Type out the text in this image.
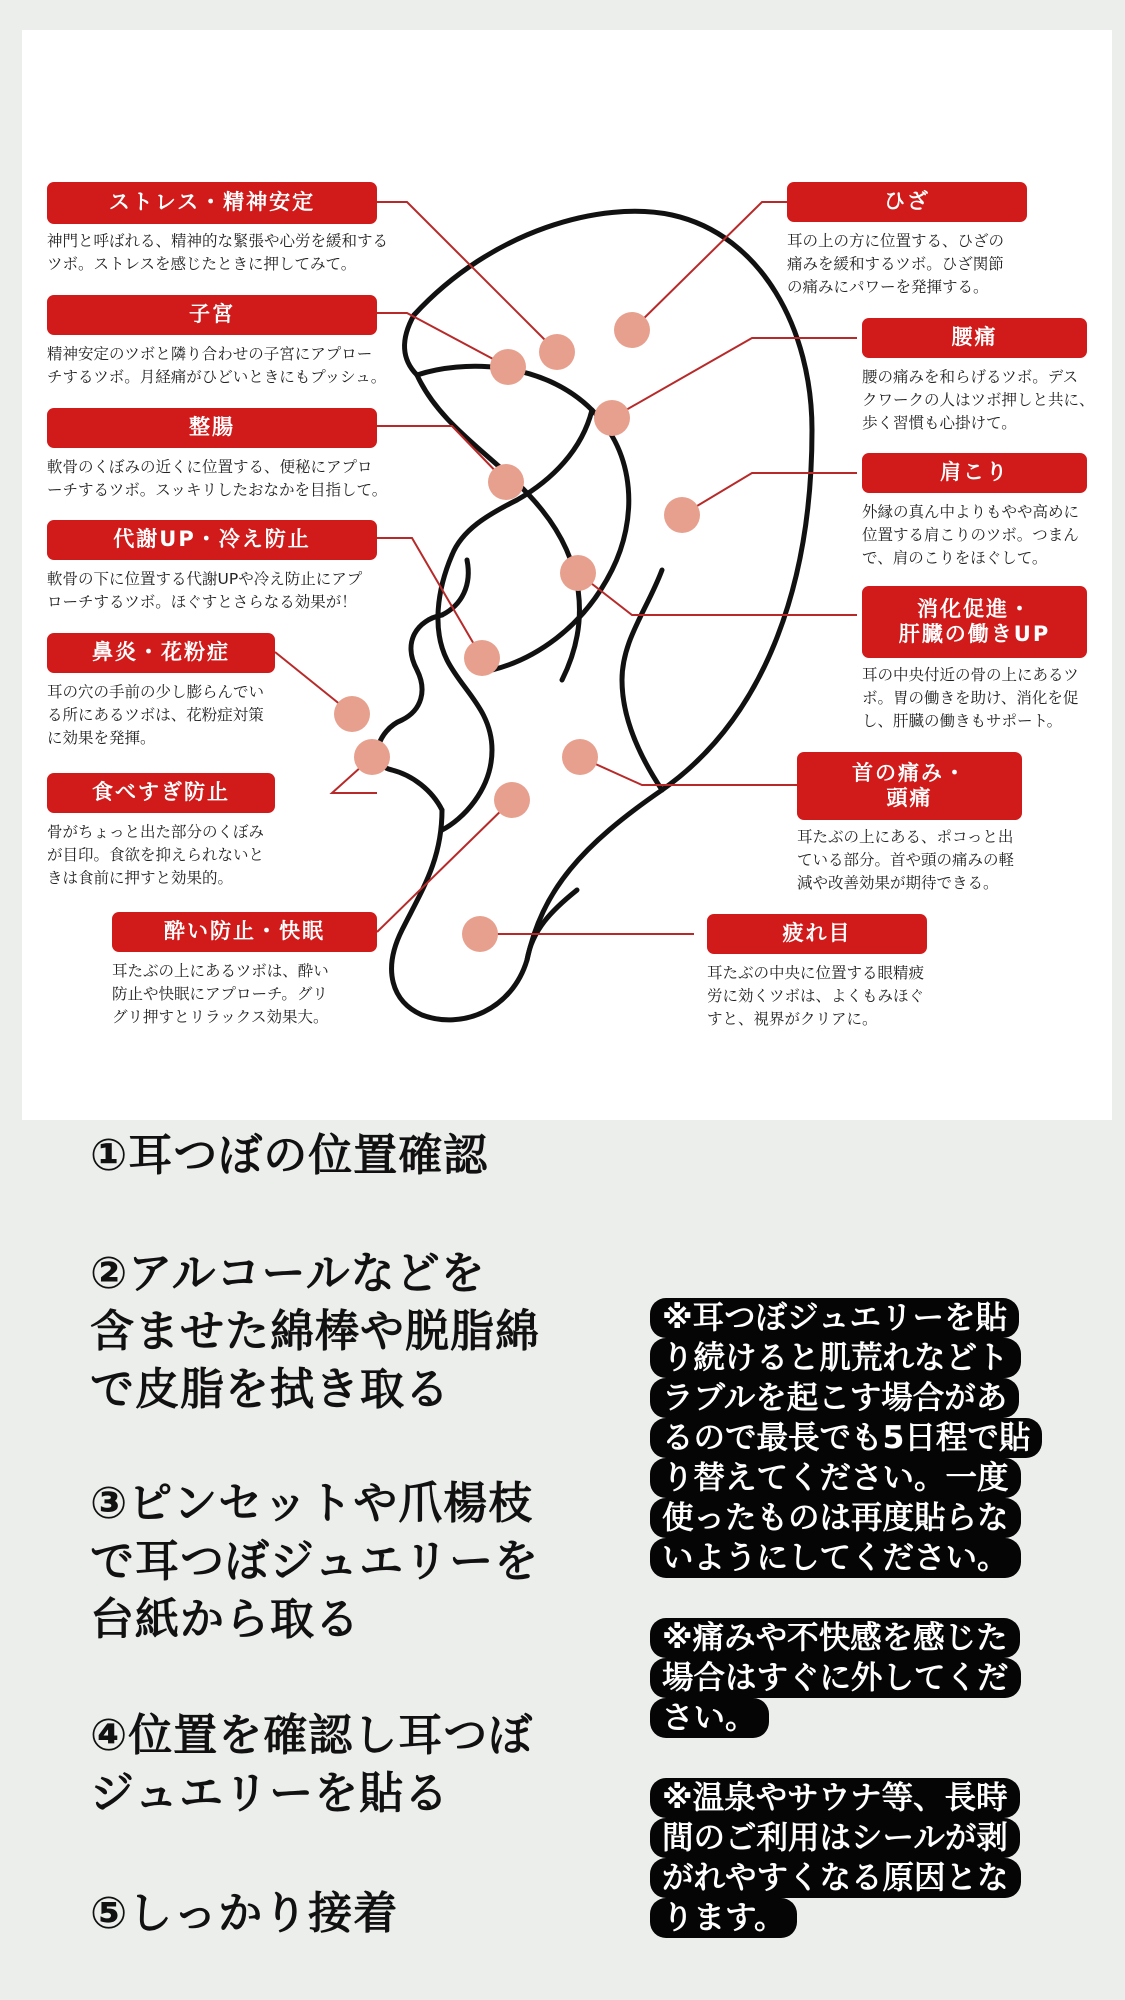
ストレス・精神安定
神門と呼ばれる、精神的な緊張や心労を緩和する
ツボ。ストレスを感じたときに押してみて。
子宮
精神安定のツボと隣り合わせの子宮にアプロー
チするツボ。月経痛がひどいときにもプッシュ。
整腸
軟骨のくぼみの近くに位置する、便秘にアプロ
ーチするツボ。スッキリしたおなかを目指して。
代謝UP・冷え防止
軟骨の下に位置する代謝UPや冷え防止にアプ
ローチするツボ。ほぐすとさらなる効果が！
鼻炎・花粉症
耳の穴の手前の少し膨らんでい
る所にあるツボは、花粉症対策
に効果を発揮。
食べすぎ防止
骨がちょっと出た部分のくぼみ
が目印。食欲を抑えられないと
きは食前に押すと効果的。
酔い防止・快眠
耳たぶの上にあるツボは、酔い
防止や快眠にアプローチ。グリ
グリ押すとリラックス効果大。
ひざ
耳の上の方に位置する、ひざの
痛みを緩和するツボ。ひざ関節
の痛みにパワーを発揮する。
腰痛
腰の痛みを和らげるツボ。デス
クワークの人はツボ押しと共に、
歩く習慣も心掛けて。
肩こり
外縁の真ん中よりもやや高めに
位置する肩こりのツボ。つまん
で、肩のこりをほぐして。
消化促進・
肝臓の働きUP
耳の中央付近の骨の上にあるツ
ボ。胃の働きを助け、消化を促
し、肝臓の働きもサポート。
首の痛み・
頭痛
耳たぶの上にある、ポコっと出
ている部分。首や頭の痛みの軽
減や改善効果が期待できる。
疲れ目
耳たぶの中央に位置する眼精疲
労に効くツボは、よくもみほぐ
すと、視界がクリアに。
①耳つぼの位置確認
②アルコールなどを
含ませた綿棒や脱脂綿
で皮脂を拭き取る
③ピンセットや爪楊枝
で耳つぼジュエリーを
台紙から取る
④位置を確認し耳つぼ
ジュエリーを貼る
⑤しっかり接着
※耳つぼジュエリーを貼
り続けると肌荒れなどト
ラブルを起こす場合があ
るので最長でも5日程で貼
り替えてください。一度
使ったものは再度貼らな
いようにしてください。
※痛みや不快感を感じた
場合はすぐに外してくだ
さい。
※温泉やサウナ等、長時
間のご利用はシールが剥
がれやすくなる原因とな
ります。
